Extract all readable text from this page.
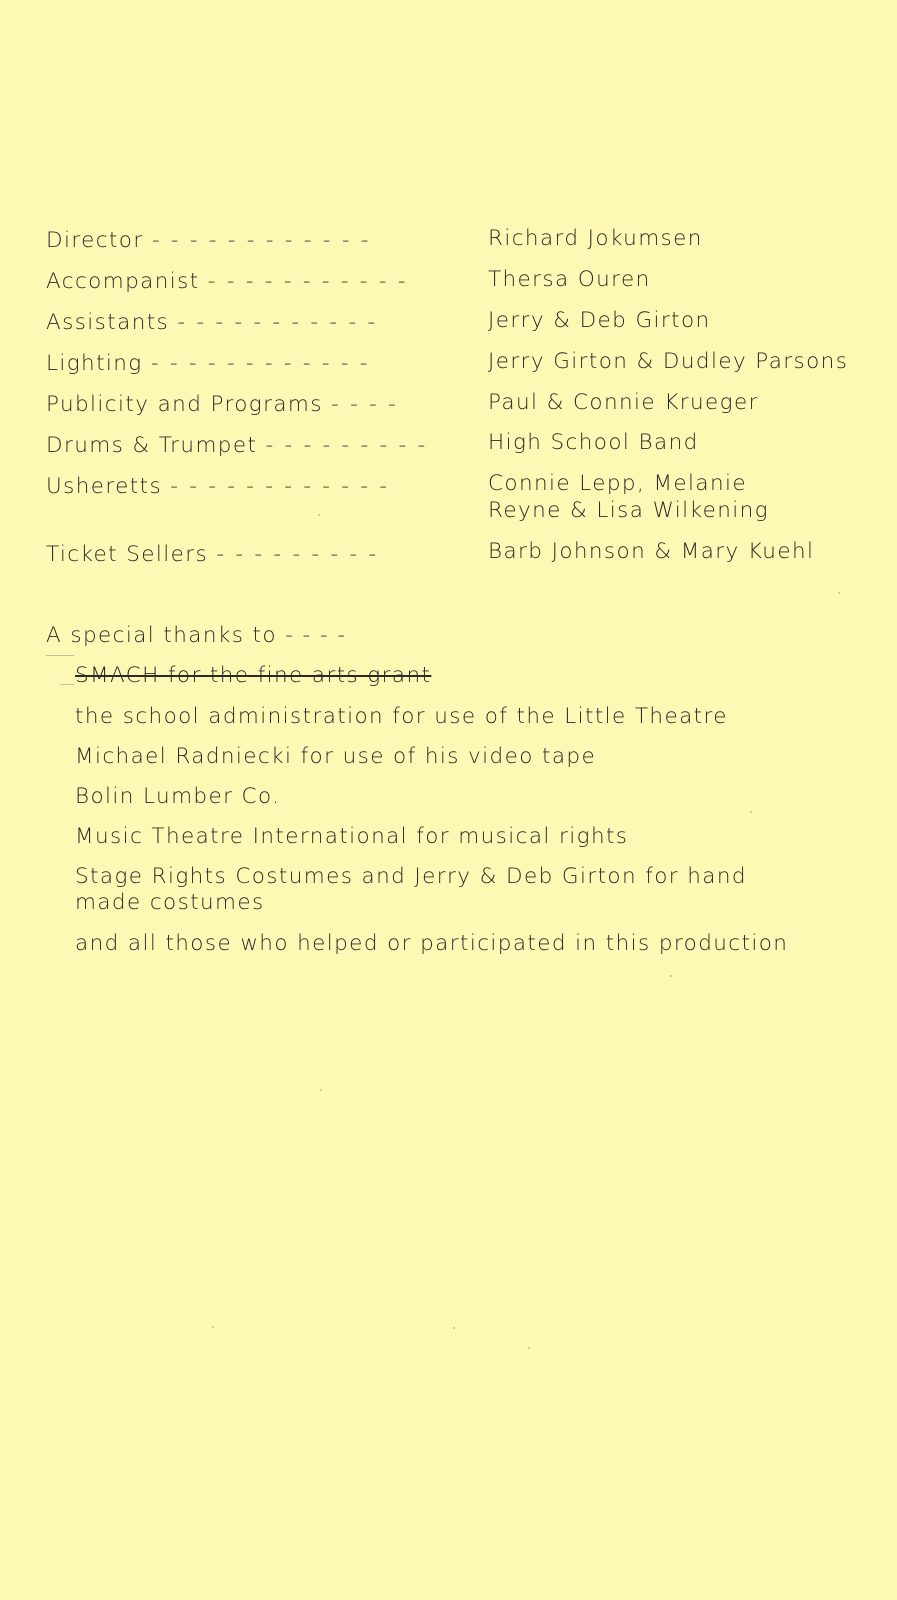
Director - - - - - - - - - - - -	Richard Jokumsen
Accompanist - - - - - - - - - - -	Thersa Ouren
Assistants - - - - - - - - - - -	Jerry & Deb Girton
Lighting - - - - - - - - - - - -	Jerry Girton & Dudley Parsons
Publicity and Programs - - - -	Paul & Connie Krueger
Drums & Trumpet - - - - - - - - -	High School Band
Usheretts - - - - - - - - - - - -	Connie Lepp, Melanie
Reyne & Lisa Wilkening
Ticket Sellers - - - - - - - - -	Barb Johnson & Mary Kuehl
A special thanks to - - - -
SMACH for the fine arts grant
the school administration for use of the Little Theatre
Michael Radniecki for use of his video tape
Bolin Lumber Co.
Music Theatre International for musical rights
Stage Rights Costumes and Jerry & Deb Girton for hand
made costumes
and all those who helped or participated in this production
